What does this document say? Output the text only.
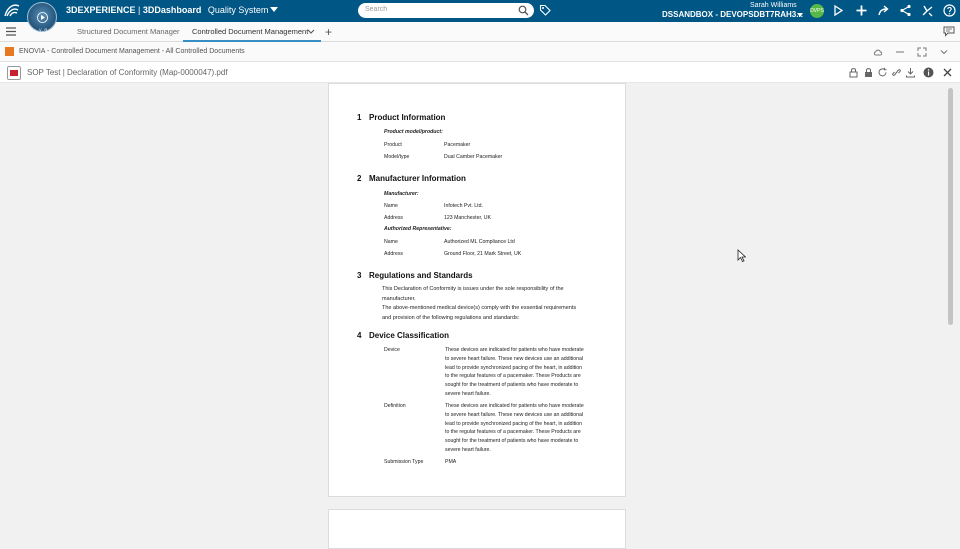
V,R
3DEXPERIENCE | 3DDashboard Quality System	Search
Sarah Williams
DSSANDBOX - DEVOPSDBT7RAH3... DVPS
Structured Document Manager Controlled Document Management +
ENOVIA - Controlled Document Management - All Controlled Documents
SOP Test | Declaration of Conformity (Map-0000047).pdf
1 Product Information
Product model/product:
Product	Pacemaker
Model/type	Dual Camber Pacemaker
2 Manufacturer Information
Manufacturer:
Name	Infotech Pvt. Ltd.
Address	123 Manchester, UK
Authorized Representative:
Name	Authorized ML Compliance Ltd
Address	Ground Floor, 21 Mark Street, UK
3 Regulations and Standards
This Declaration of Conformity is issues under the sole responsibility of the
manufacturer.
The above-mentioned medical device(s) comply with the essential requirements
and provision of the following regulations and standards:
4 Device Classification
Device	These devices are indicated for patients who have moderate
to severe heart failure. These new devices use an additional
lead to provide synchronized pacing of the heart, in addition
to the regular features of a pacemaker. These Products are
sought for the treatment of patients who have moderate to
severe heart failure.
Definition	These devices are indicated for patients who have moderate
to severe heart failure. These new devices use an additional
lead to provide synchronized pacing of the heart, in addition
to the regular features of a pacemaker. These Products are
sought for the treatment of patients who have moderate to
severe heart failure.
Submission Type	PMA
